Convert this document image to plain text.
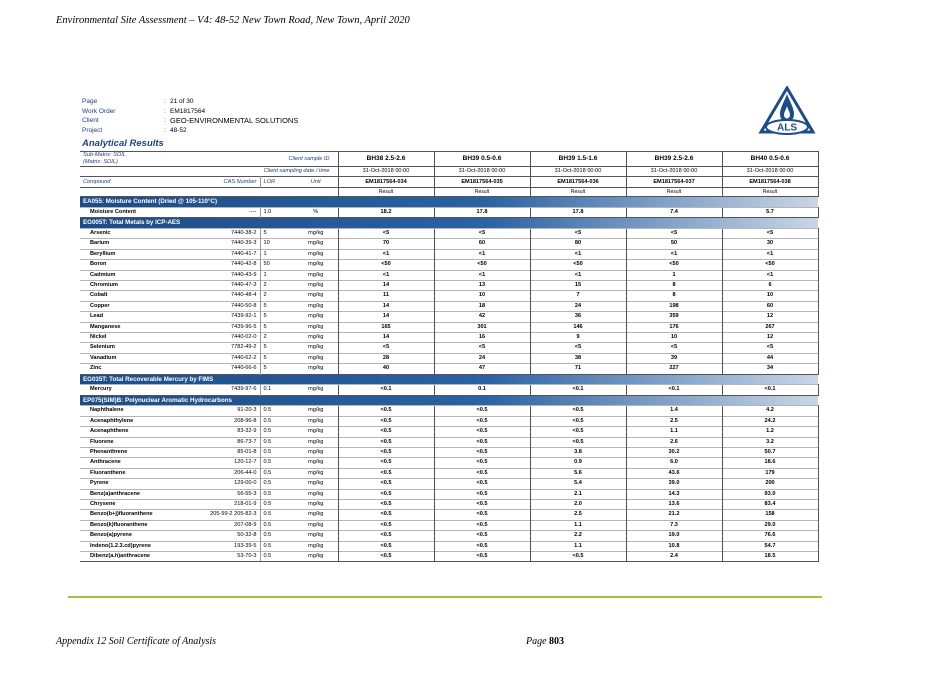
Environmental Site Assessment – V4: 48-52 New Town Road, New Town, April 2020
Page	: 21 of 30
Work Order	: EM1817564
Client	: GEO-ENVIRONMENTAL SOLUTIONS
Project	: 48-52	ALS
Analytical Results
Sub-Matrix: SOIL
(Matrix: SOIL)	Client sample ID			BH38 2.5-2.6	BH39 0.5-0.6	BH39 1.5-1.6	BH39 2.5-2.6	BH40 0.5-0.6
Client sampling date / time				31-Oct-2018 00:00	31-Oct-2018 00:00	31-Oct-2018 00:00	31-Oct-2018 00:00	31-Oct-2018 00:00
Compound	CAS Number	LOR	Unit	EM1817564-034	EM1817564-035	EM1817564-036	EM1817564-037	EM1817564-038
				Result	Result	Result	Result	Result
EA055: Moisture Content (Dried @ 105-110°C)								
Moisture Content	----	1.0	%	18.2	17.8	17.8	7.4	5.7
EG005T: Total Metals by ICP-AES								
Arsenic	7440-38-2	5	mg/kg	<5	<5	<5	<5	<5
Barium	7440-39-3	10	mg/kg	70	60	80	50	30
Beryllium	7440-41-7	1	mg/kg	<1	<1	<1	<1	<1
Boron	7440-42-8	50	mg/kg	<50	<50	<50	<50	<50
Cadmium	7440-43-9	1	mg/kg	<1	<1	<1	1	<1
Chromium	7440-47-3	2	mg/kg	14	13	15	8	6
Cobalt	7440-48-4	2	mg/kg	11	10	7	8	10
Copper	7440-50-8	5	mg/kg	14	18	24	198	60
Lead	7439-92-1	5	mg/kg	14	42	36	359	12
Manganese	7439-96-5	5	mg/kg	165	301	146	176	267
Nickel	7440-02-0	2	mg/kg	14	16	9	10	12
Selenium	7782-49-2	5	mg/kg	<5	<5	<5	<5	<5
Vanadium	7440-62-2	5	mg/kg	28	24	38	39	44
Zinc	7440-66-6	5	mg/kg	40	47	71	227	34
EG035T: Total Recoverable Mercury by FIMS								
Mercury	7439-97-6	0.1	mg/kg	<0.1	0.1	<0.1	<0.1	<0.1
EP075(SIM)B: Polynuclear Aromatic Hydrocarbons								
Naphthalene	91-20-3	0.5	mg/kg	<0.5	<0.5	<0.5	1.4	4.2
Acenaphthylene	208-96-8	0.5	mg/kg	<0.5	<0.5	<0.5	2.5	24.2
Acenaphthene	83-32-9	0.5	mg/kg	<0.5	<0.5	<0.5	1.1	1.2
Fluorene	86-73-7	0.5	mg/kg	<0.5	<0.5	<0.5	2.6	3.2
Phenanthrene	85-01-8	0.5	mg/kg	<0.5	<0.5	3.8	30.2	50.7
Anthracene	120-12-7	0.5	mg/kg	<0.5	<0.5	0.9	6.0	18.6
Fluoranthene	206-44-0	0.5	mg/kg	<0.5	<0.5	5.6	43.6	179
Pyrene	129-00-0	0.5	mg/kg	<0.5	<0.5	5.4	39.0	200
Benz(a)anthracene	56-55-3	0.5	mg/kg	<0.5	<0.5	2.1	14.3	93.0
Chrysene	218-01-9	0.5	mg/kg	<0.5	<0.5	2.0	13.6	83.4
Benzo(b+j)fluoranthene	205-99-2 205-82-3	0.5	mg/kg	<0.5	<0.5	2.5	21.2	158
Benzo(k)fluoranthene	207-08-9	0.5	mg/kg	<0.5	<0.5	1.1	7.3	29.0
Benzo(a)pyrene	50-32-8	0.5	mg/kg	<0.5	<0.5	2.2	19.0	76.6
Indeno(1.2.3.cd)pyrene	193-39-5	0.5	mg/kg	<0.5	<0.5	1.1	10.8	54.7
Dibenz(a.h)anthracene	53-70-3	0.5	mg/kg	<0.5	<0.5	<0.5	2.4	18.5
Appendix 12 Soil Certificate of Analysis	Page 803
